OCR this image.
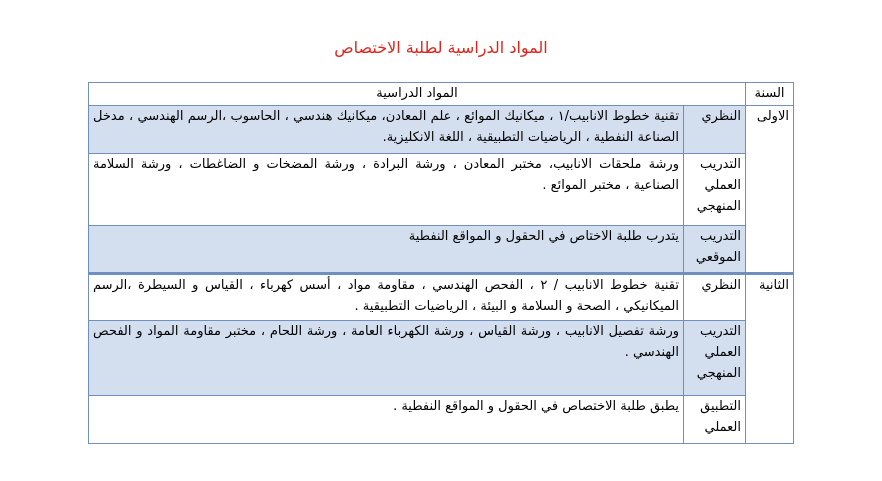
المواد الدراسية لطلبة الاختصاص
السنة	المواد الدراسية	
الاولى	النظري	تقنية خطوط الانابيب/١ ، ميكانيك الموائع ، علم المعادن، ميكانيك هندسي ، الحاسوب ،الرسم الهندسي ، مدخل الصناعة النفطية ، الرياضيات التطبيقية ، اللغة الانكليزية.
	التدريب العملي المنهجي	ورشة ملحقات الانابيب، مختبر المعادن ، ورشة البرادة ، ورشة المضخات و الضاغطات ، ورشة السلامة الصناعية ، مختبر الموائع .
	التدريب الموقعي	يتدرب طلبة الاختاص في الحقول و المواقع النفطية
الثانية	النظري	تقنية خطوط الانابيب / ٢ ، الفحص الهندسي ، مقاومة مواد ، أسس كهرباء ، القياس و السيطرة ،الرسم الميكانيكي ، الصحة و السلامة و البيئة ، الرياضيات التطبيقية .
	التدريب العملي المنهجي	ورشة تفصيل الانابيب ، ورشة القياس ، ورشة الكهرباء العامة ، ورشة اللحام ، مختبر مقاومة المواد و الفحص الهندسي .
	التطبيق العملي	يطبق طلبة الاختصاص في الحقول و المواقع النفطية .
